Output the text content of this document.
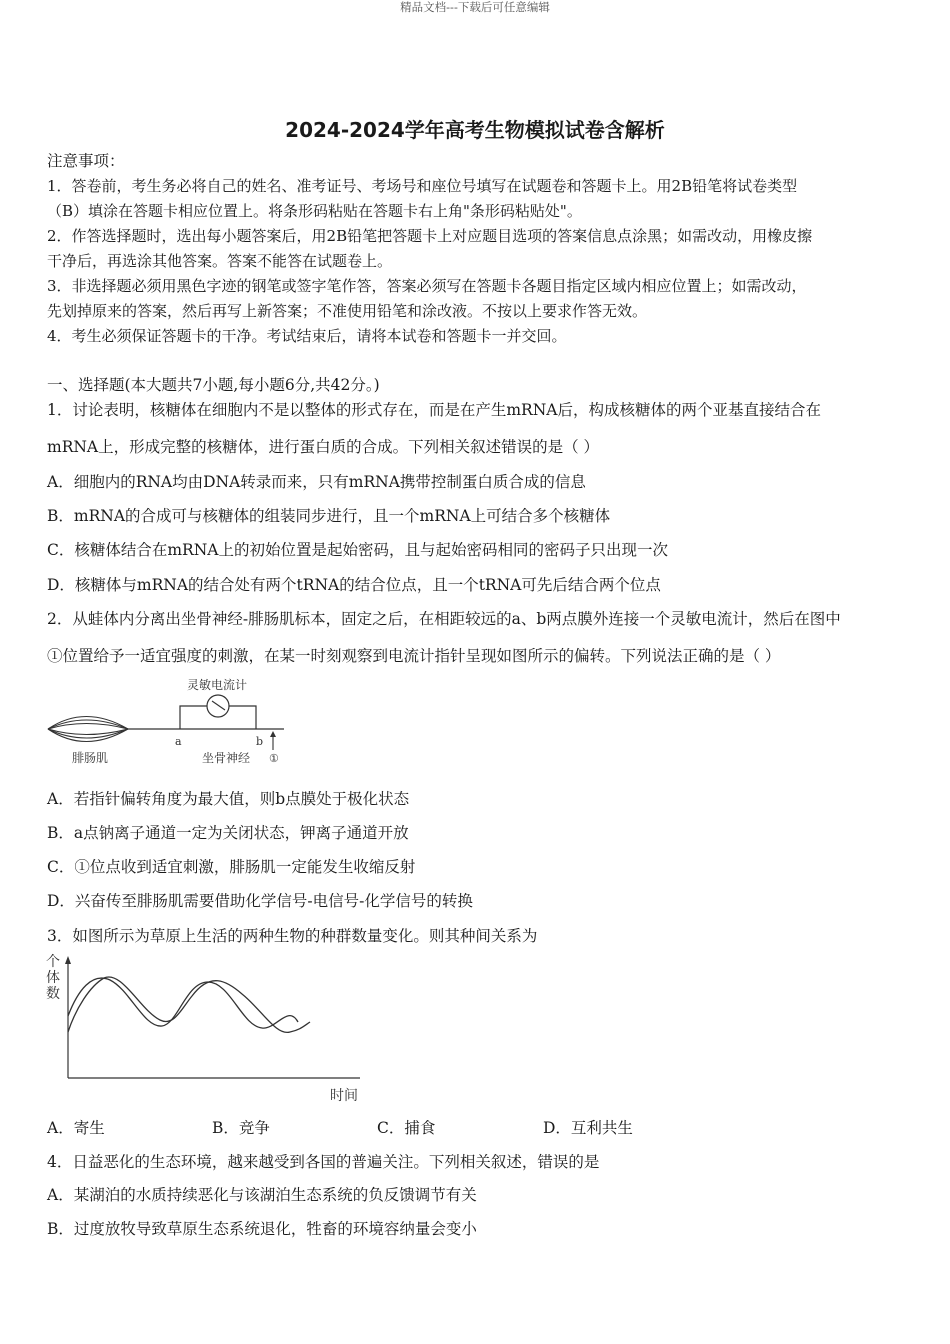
精品文档---下载后可任意编辑
2024-2024学年高考生物模拟试卷含解析
注意事项：
1．答卷前，考生务必将自己的姓名、准考证号、考场号和座位号填写在试题卷和答题卡上。用2B铅笔将试卷类型
（B）填涂在答题卡相应位置上。将条形码粘贴在答题卡右上角"条形码粘贴处"。
2．作答选择题时，选出每小题答案后，用2B铅笔把答题卡上对应题目选项的答案信息点涂黑；如需改动，用橡皮擦
干净后，再选涂其他答案。答案不能答在试题卷上。
3．非选择题必须用黑色字迹的钢笔或签字笔作答，答案必须写在答题卡各题目指定区域内相应位置上；如需改动，
先划掉原来的答案，然后再写上新答案；不准使用铅笔和涂改液。不按以上要求作答无效。
4．考生必须保证答题卡的干净。考试结束后，请将本试卷和答题卡一并交回。
一、选择题(本大题共7小题,每小题6分,共42分。)
1．讨论表明，核糖体在细胞内不是以整体的形式存在，而是在产生mRNA后，构成核糖体的两个亚基直接结合在
mRNA上，形成完整的核糖体，进行蛋白质的合成。下列相关叙述错误的是（ ）
A．细胞内的RNA均由DNA转录而来，只有mRNA携带控制蛋白质合成的信息
B．mRNA的合成可与核糖体的组装同步进行，且一个mRNA上可结合多个核糖体
C．核糖体结合在mRNA上的初始位置是起始密码，且与起始密码相同的密码子只出现一次
D．核糖体与mRNA的结合处有两个tRNA的结合位点，且一个tRNA可先后结合两个位点
2．从蛙体内分离出坐骨神经-腓肠肌标本，固定之后，在相距较远的a、b两点膜外连接一个灵敏电流计，然后在图中
①位置给予一适宜强度的刺激，在某一时刻观察到电流计指针呈现如图所示的偏转。下列说法正确的是（ ）
灵敏电流计
a	b
①
腓肠肌	坐骨神经
A．若指针偏转角度为最大值，则b点膜处于极化状态
B．a点钠离子通道一定为关闭状态，钾离子通道开放
C．①位点收到适宜刺激，腓肠肌一定能发生收缩反射
D．兴奋传至腓肠肌需要借助化学信号-电信号-化学信号的转换
3．如图所示为草原上生活的两种生物的种群数量变化。则其种间关系为
个
体
数
时间
A．寄生	B．竞争	C．捕食	D．互利共生
4．日益恶化的生态环境，越来越受到各国的普遍关注。下列相关叙述，错误的是
A．某湖泊的水质持续恶化与该湖泊生态系统的负反馈调节有关
B．过度放牧导致草原生态系统退化，牲畜的环境容纳量会变小
